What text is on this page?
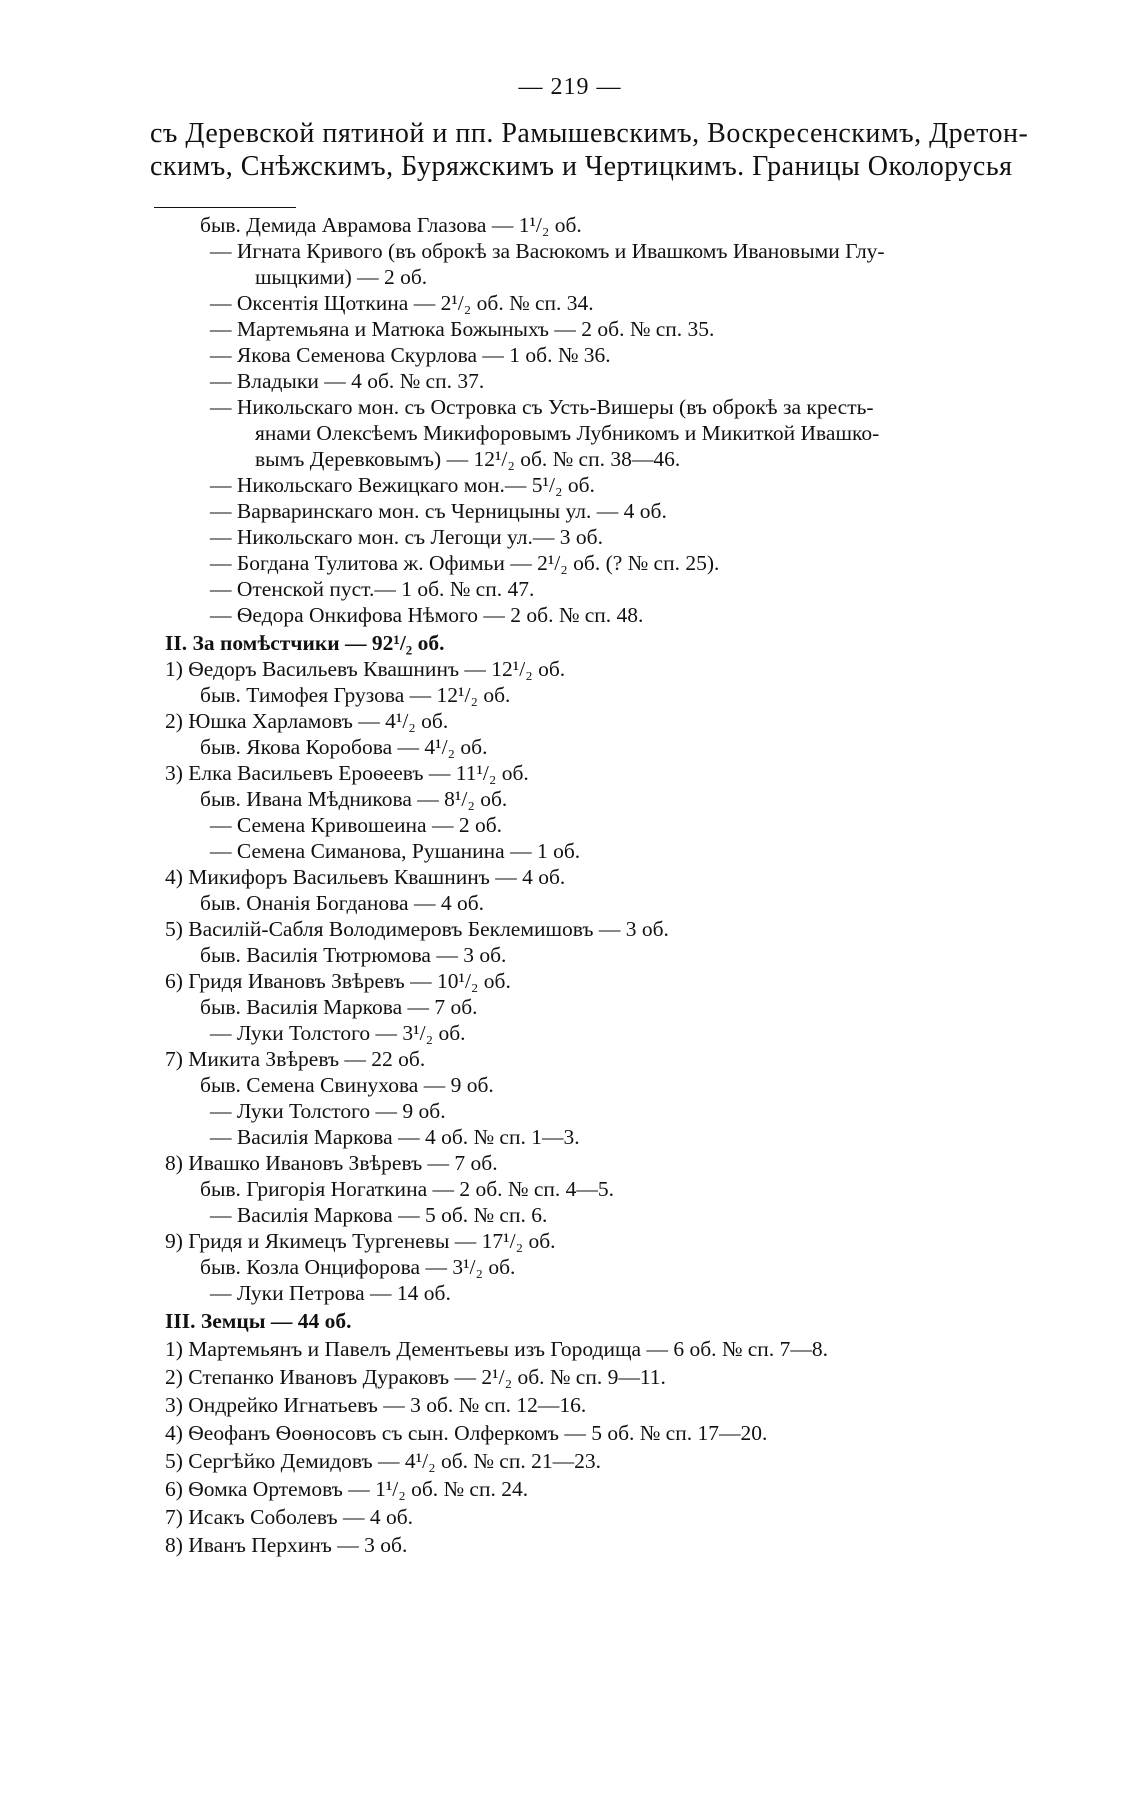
— 219 —
съ Деревской пятиной и пп. Рамышевскимъ, Воскресенскимъ, Дретон-
скимъ, Снѣжскимъ, Буряжскимъ и Чертицкимъ. Границы Околорусья
быв. Демида Аврамова Глазова — 1¹/₂ об.
— Игната Кривого (въ оброкѣ за Васюкомъ и Ивашкомъ Ивановыми Глу-
шыцкими) — 2 об.
— Оксентія Щоткина — 2¹/₂ об. № сп. 34.
— Мартемьяна и Матюка Божыныхъ — 2 об. № сп. 35.
— Якова Семенова Скурлова — 1 об. № 36.
— Владыки — 4 об. № сп. 37.
— Никольскаго мон. съ Островка съ Усть-Вишеры (въ оброкѣ за кресть-
янами Олексѣемъ Микифоровымъ Лубникомъ и Микиткой Ивашко-
вымъ Деревковымъ) — 12¹/₂ об. № сп. 38—46.
— Никольскаго Вежицкаго мон.— 5¹/₂ об.
— Варваринскаго мон. съ Черницыны ул. — 4 об.
— Никольскаго мон. съ Легощи ул.— 3 об.
— Богдана Тулитова ж. Офимьи — 2¹/₂ об. (? № сп. 25).
— Отенской пуст.— 1 об. № сп. 47.
— Ѳедора Онкифова Нѣмого — 2 об. № сп. 48.
II. За помѣстчики — 92¹/₂ об.
1) Ѳедоръ Васильевъ Квашнинъ — 12¹/₂ об.
быв. Тимофея Грузова — 12¹/₂ об.
2) Юшка Харламовъ — 4¹/₂ об.
быв. Якова Коробова — 4¹/₂ об.
3) Елка Васильевъ Ероѳеевъ — 11¹/₂ об.
быв. Ивана Мѣдникова — 8¹/₂ об.
— Семена Кривошеина — 2 об.
— Семена Симанова, Рушанина — 1 об.
4) Микифоръ Васильевъ Квашнинъ — 4 об.
быв. Онанія Богданова — 4 об.
5) Василій-Сабля Володимеровъ Беклемишовъ — 3 об.
быв. Василія Тютрюмова — 3 об.
6) Гридя Ивановъ Звѣревъ — 10¹/₂ об.
быв. Василія Маркова — 7 об.
— Луки Толстого — 3¹/₂ об.
7) Микита Звѣревъ — 22 об.
быв. Семена Свинухова — 9 об.
— Луки Толстого — 9 об.
— Василія Маркова — 4 об. № сп. 1—3.
8) Ивашко Ивановъ Звѣревъ — 7 об.
быв. Григорія Ногаткина — 2 об. № сп. 4—5.
— Василія Маркова — 5 об. № сп. 6.
9) Гридя и Якимецъ Тургеневы — 17¹/₂ об.
быв. Козла Онцифорова — 3¹/₂ об.
— Луки Петрова — 14 об.
III. Земцы — 44 об.
1) Мартемьянъ и Павелъ Дементьевы изъ Городища — 6 об. № сп. 7—8.
2) Степанко Ивановъ Дураковъ — 2¹/₂ об. № сп. 9—11.
3) Ондрейко Игнатьевъ — 3 об. № сп. 12—16.
4) Ѳеофанъ Ѳоѳносовъ съ сын. Олферкомъ — 5 об. № сп. 17—20.
5) Сергѣйко Демидовъ — 4¹/₂ об. № сп. 21—23.
6) Ѳомка Ортемовъ — 1¹/₂ об. № сп. 24.
7) Исакъ Соболевъ — 4 об.
8) Иванъ Перхинъ — 3 об.
